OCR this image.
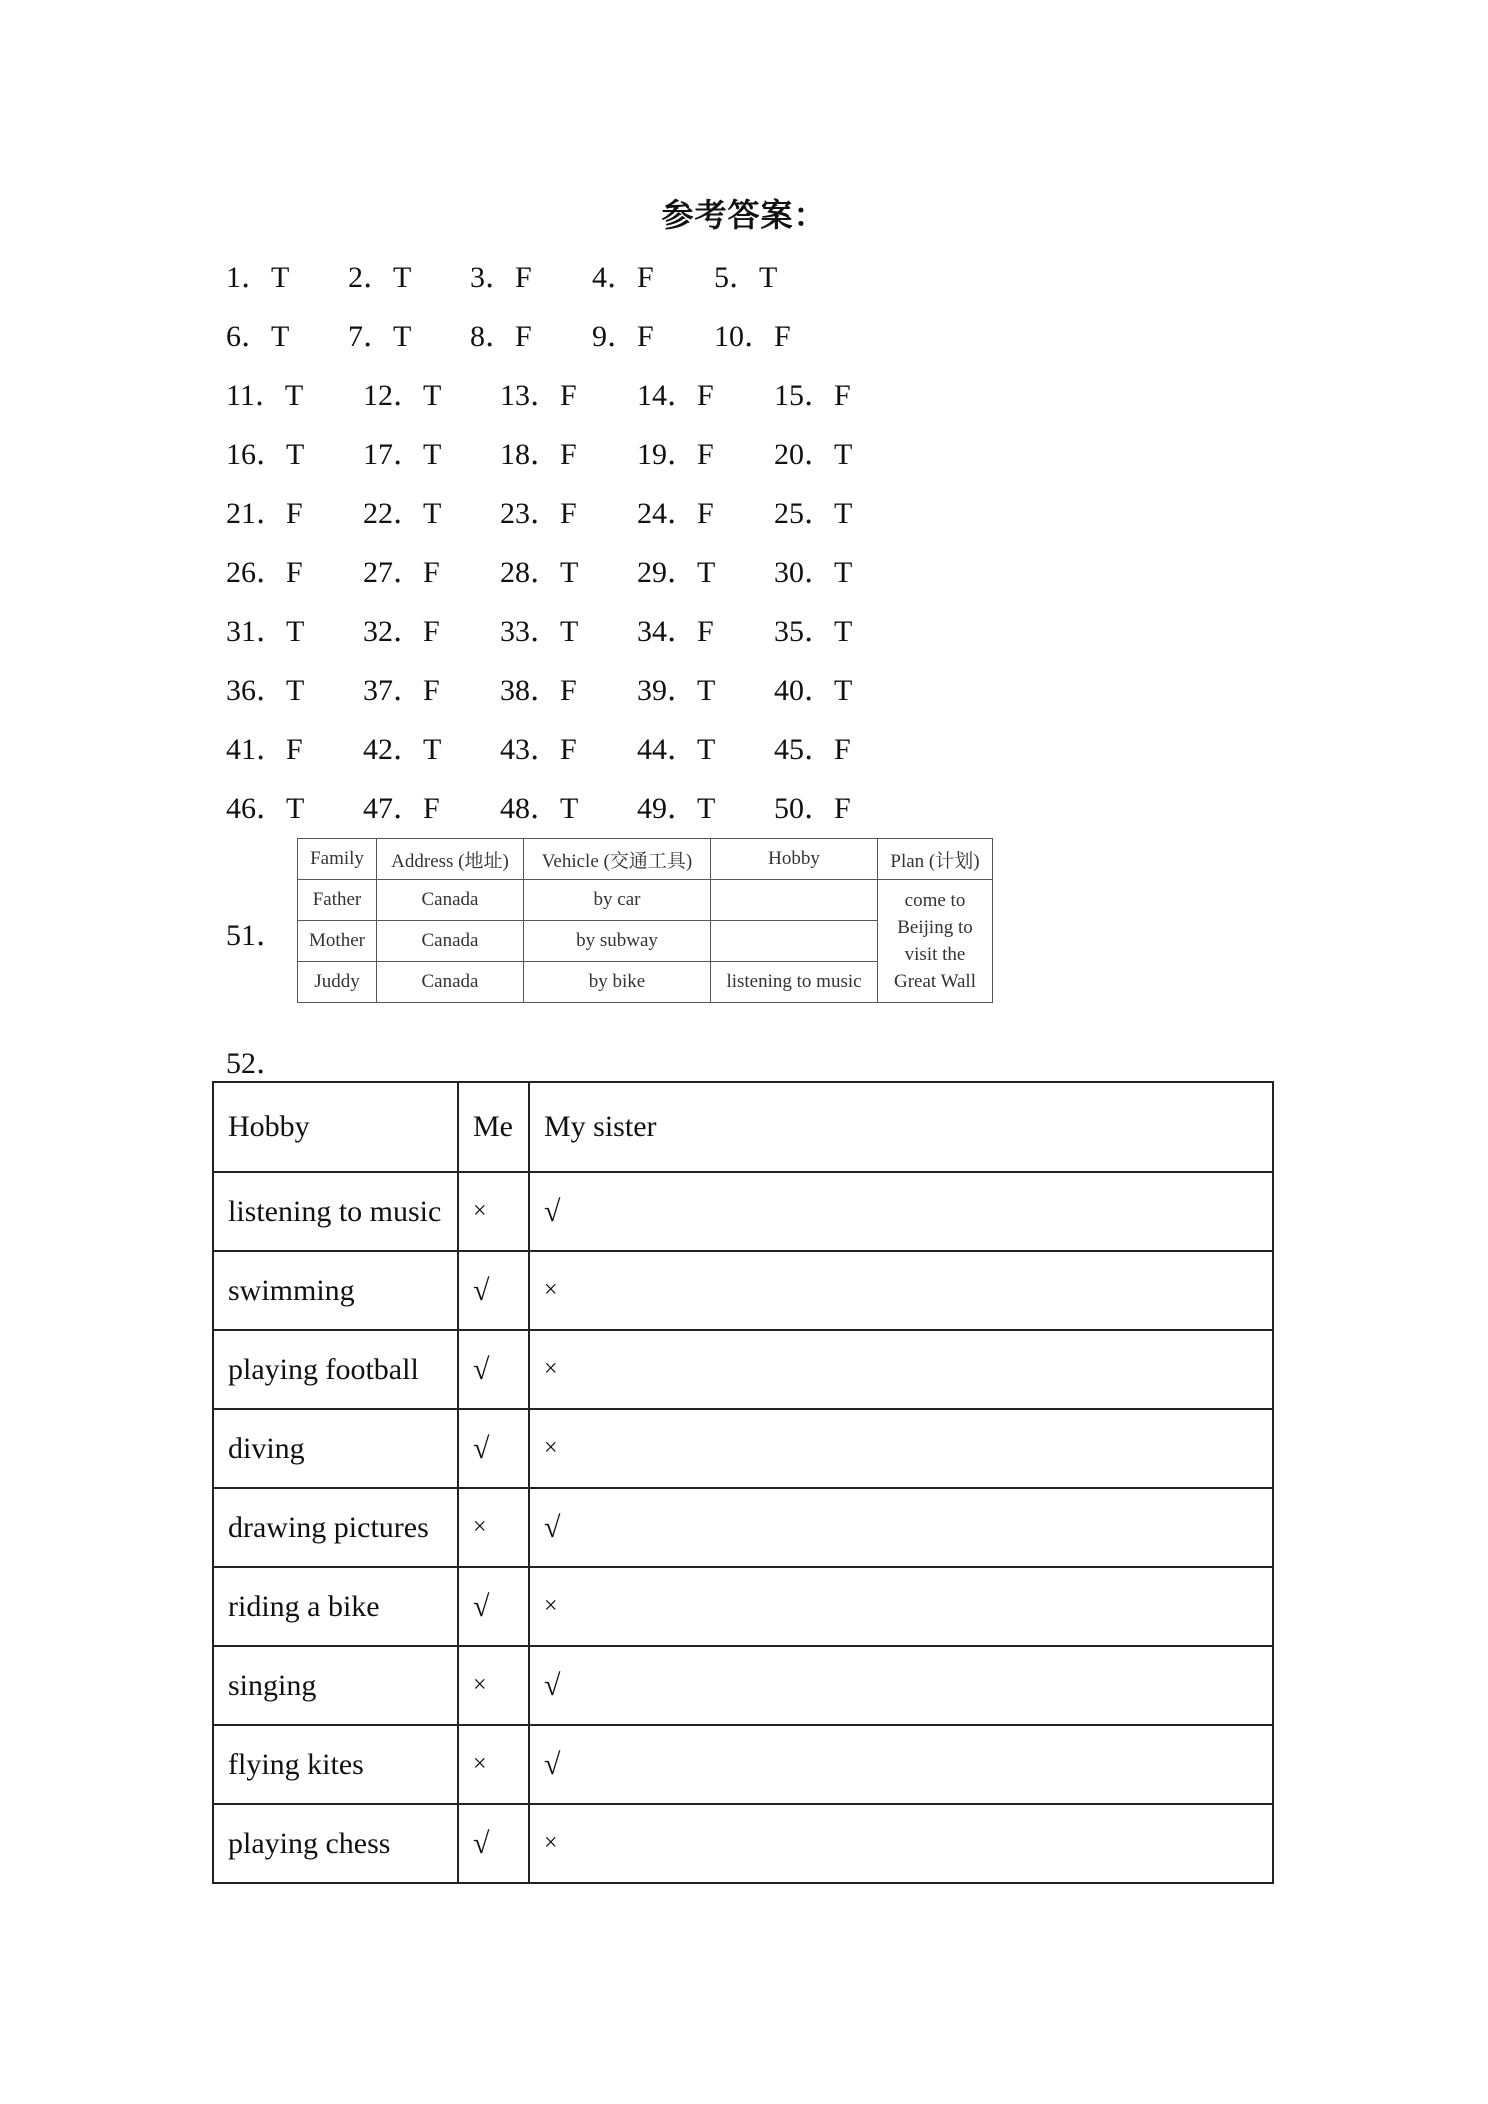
参考答案：
1．T 2．T 3．F 4．F 5．T
6．T 7．T 8．F 9．F 10．F
11．T 12．T 13．F 14．F 15．F
16．T 17．T 18．F 19．F 20．T
21．F 22．T 23．F 24．F 25．T
26．F 27．F 28．T 29．T 30．T
31．T 32．F 33．T 34．F 35．T
36．T 37．F 38．F 39．T 40．T
41．F 42．T 43．F 44．T 45．F
46．T 47．F 48．T 49．T 50．F
51．
Family	Address (地址)	Vehicle (交通工具)	Hobby	Plan (计划)
Father	Canada	by car		come to Beijing to visit the Great Wall
Mother	Canada	by subway		
Juddy	Canada	by bike	listening to music	
52．
Hobby	Me	My sister
listening to music	×	√
swimming	√	×
playing football	√	×
diving	√	×
drawing pictures	×	√
riding a bike	√	×
singing	×	√
flying kites	×	√
playing chess	√	×
